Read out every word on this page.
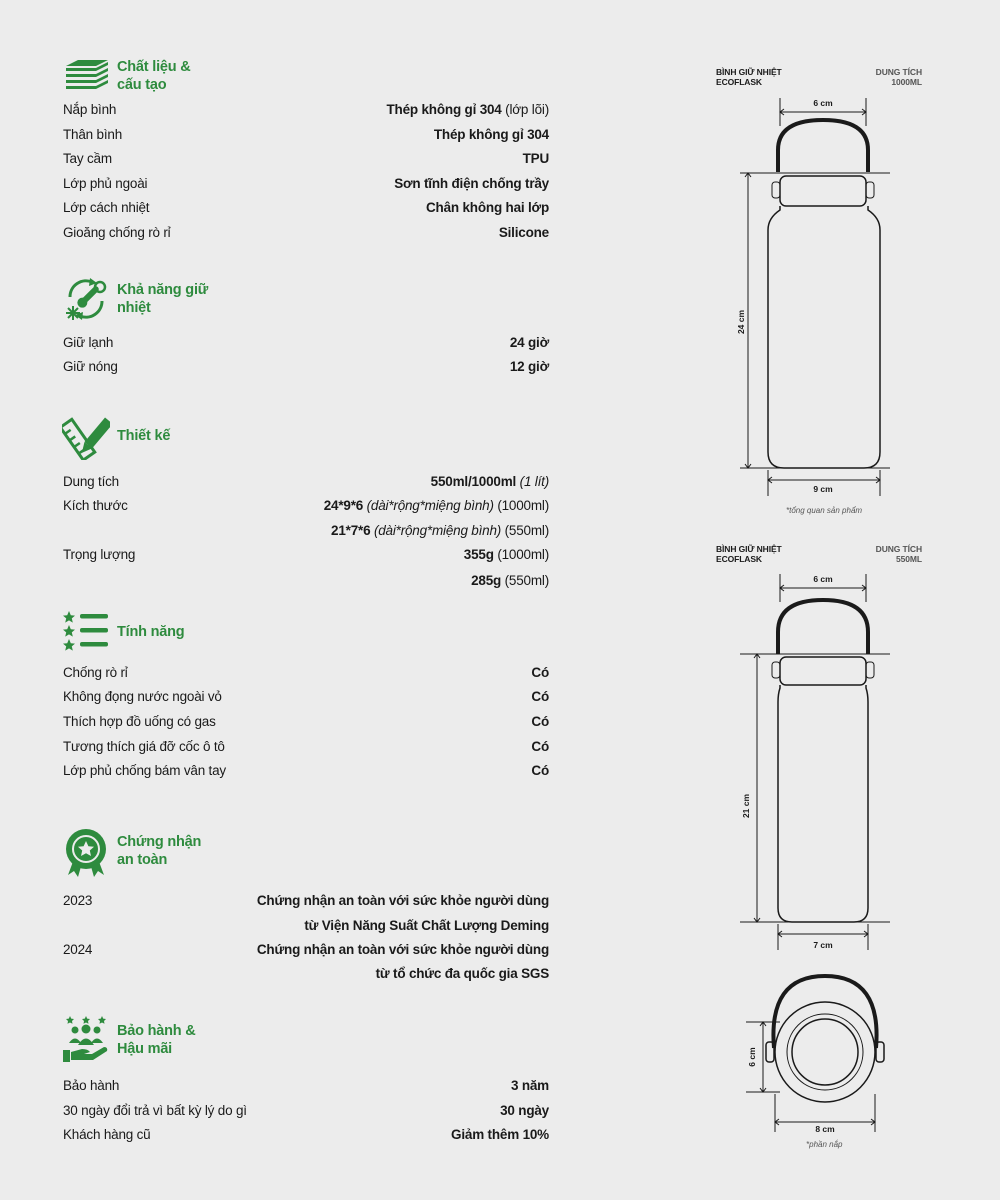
Chất liệu &
cấu tạo
Nắp bình	Thép không gỉ 304 (lớp lõi)
Thân bình	Thép không gỉ 304
Tay cầm	TPU
Lớp phủ ngoài	Sơn tĩnh điện chống trầy
Lớp cách nhiệt	Chân không hai lớp
Gioăng chống rò rỉ	Silicone
Khả năng giữ
nhiệt
Giữ lạnh	24 giờ
Giữ nóng	12 giờ
Thiết kế
Dung tích	550ml/1000ml (1 lít)
Kích thước	24*9*6 (dài*rộng*miệng bình) (1000ml)
21*7*6 (dài*rộng*miệng bình) (550ml)
Trọng lượng	355g (1000ml)
285g (550ml)
Tính năng
Chống rò rỉ	Có
Không đọng nước ngoài vỏ	Có
Thích hợp đồ uống có gas	Có
Tương thích giá đỡ cốc ô tô	Có
Lớp phủ chống bám vân tay	Có
Chứng nhận
an toàn
2023	Chứng nhận an toàn với sức khỏe người dùng
từ Viện Năng Suất Chất Lượng Deming
2024	Chứng nhận an toàn với sức khỏe người dùng
từ tổ chức đa quốc gia SGS
Bảo hành &
Hậu mãi
Bảo hành	3 năm
30 ngày đổi trả vì bất kỳ lý do gì	30 ngày
Khách hàng cũ	Giảm thêm 10%
BÌNH GIỮ NHIỆT
ECOFLASK
DUNG TÍCH
1000ML
6 cm
24 cm
9 cm
*tổng quan sản phẩm
BÌNH GIỮ NHIỆT
ECOFLASK
DUNG TÍCH
550ML
6 cm
21 cm
7 cm
6 cm
8 cm
*phần nắp
